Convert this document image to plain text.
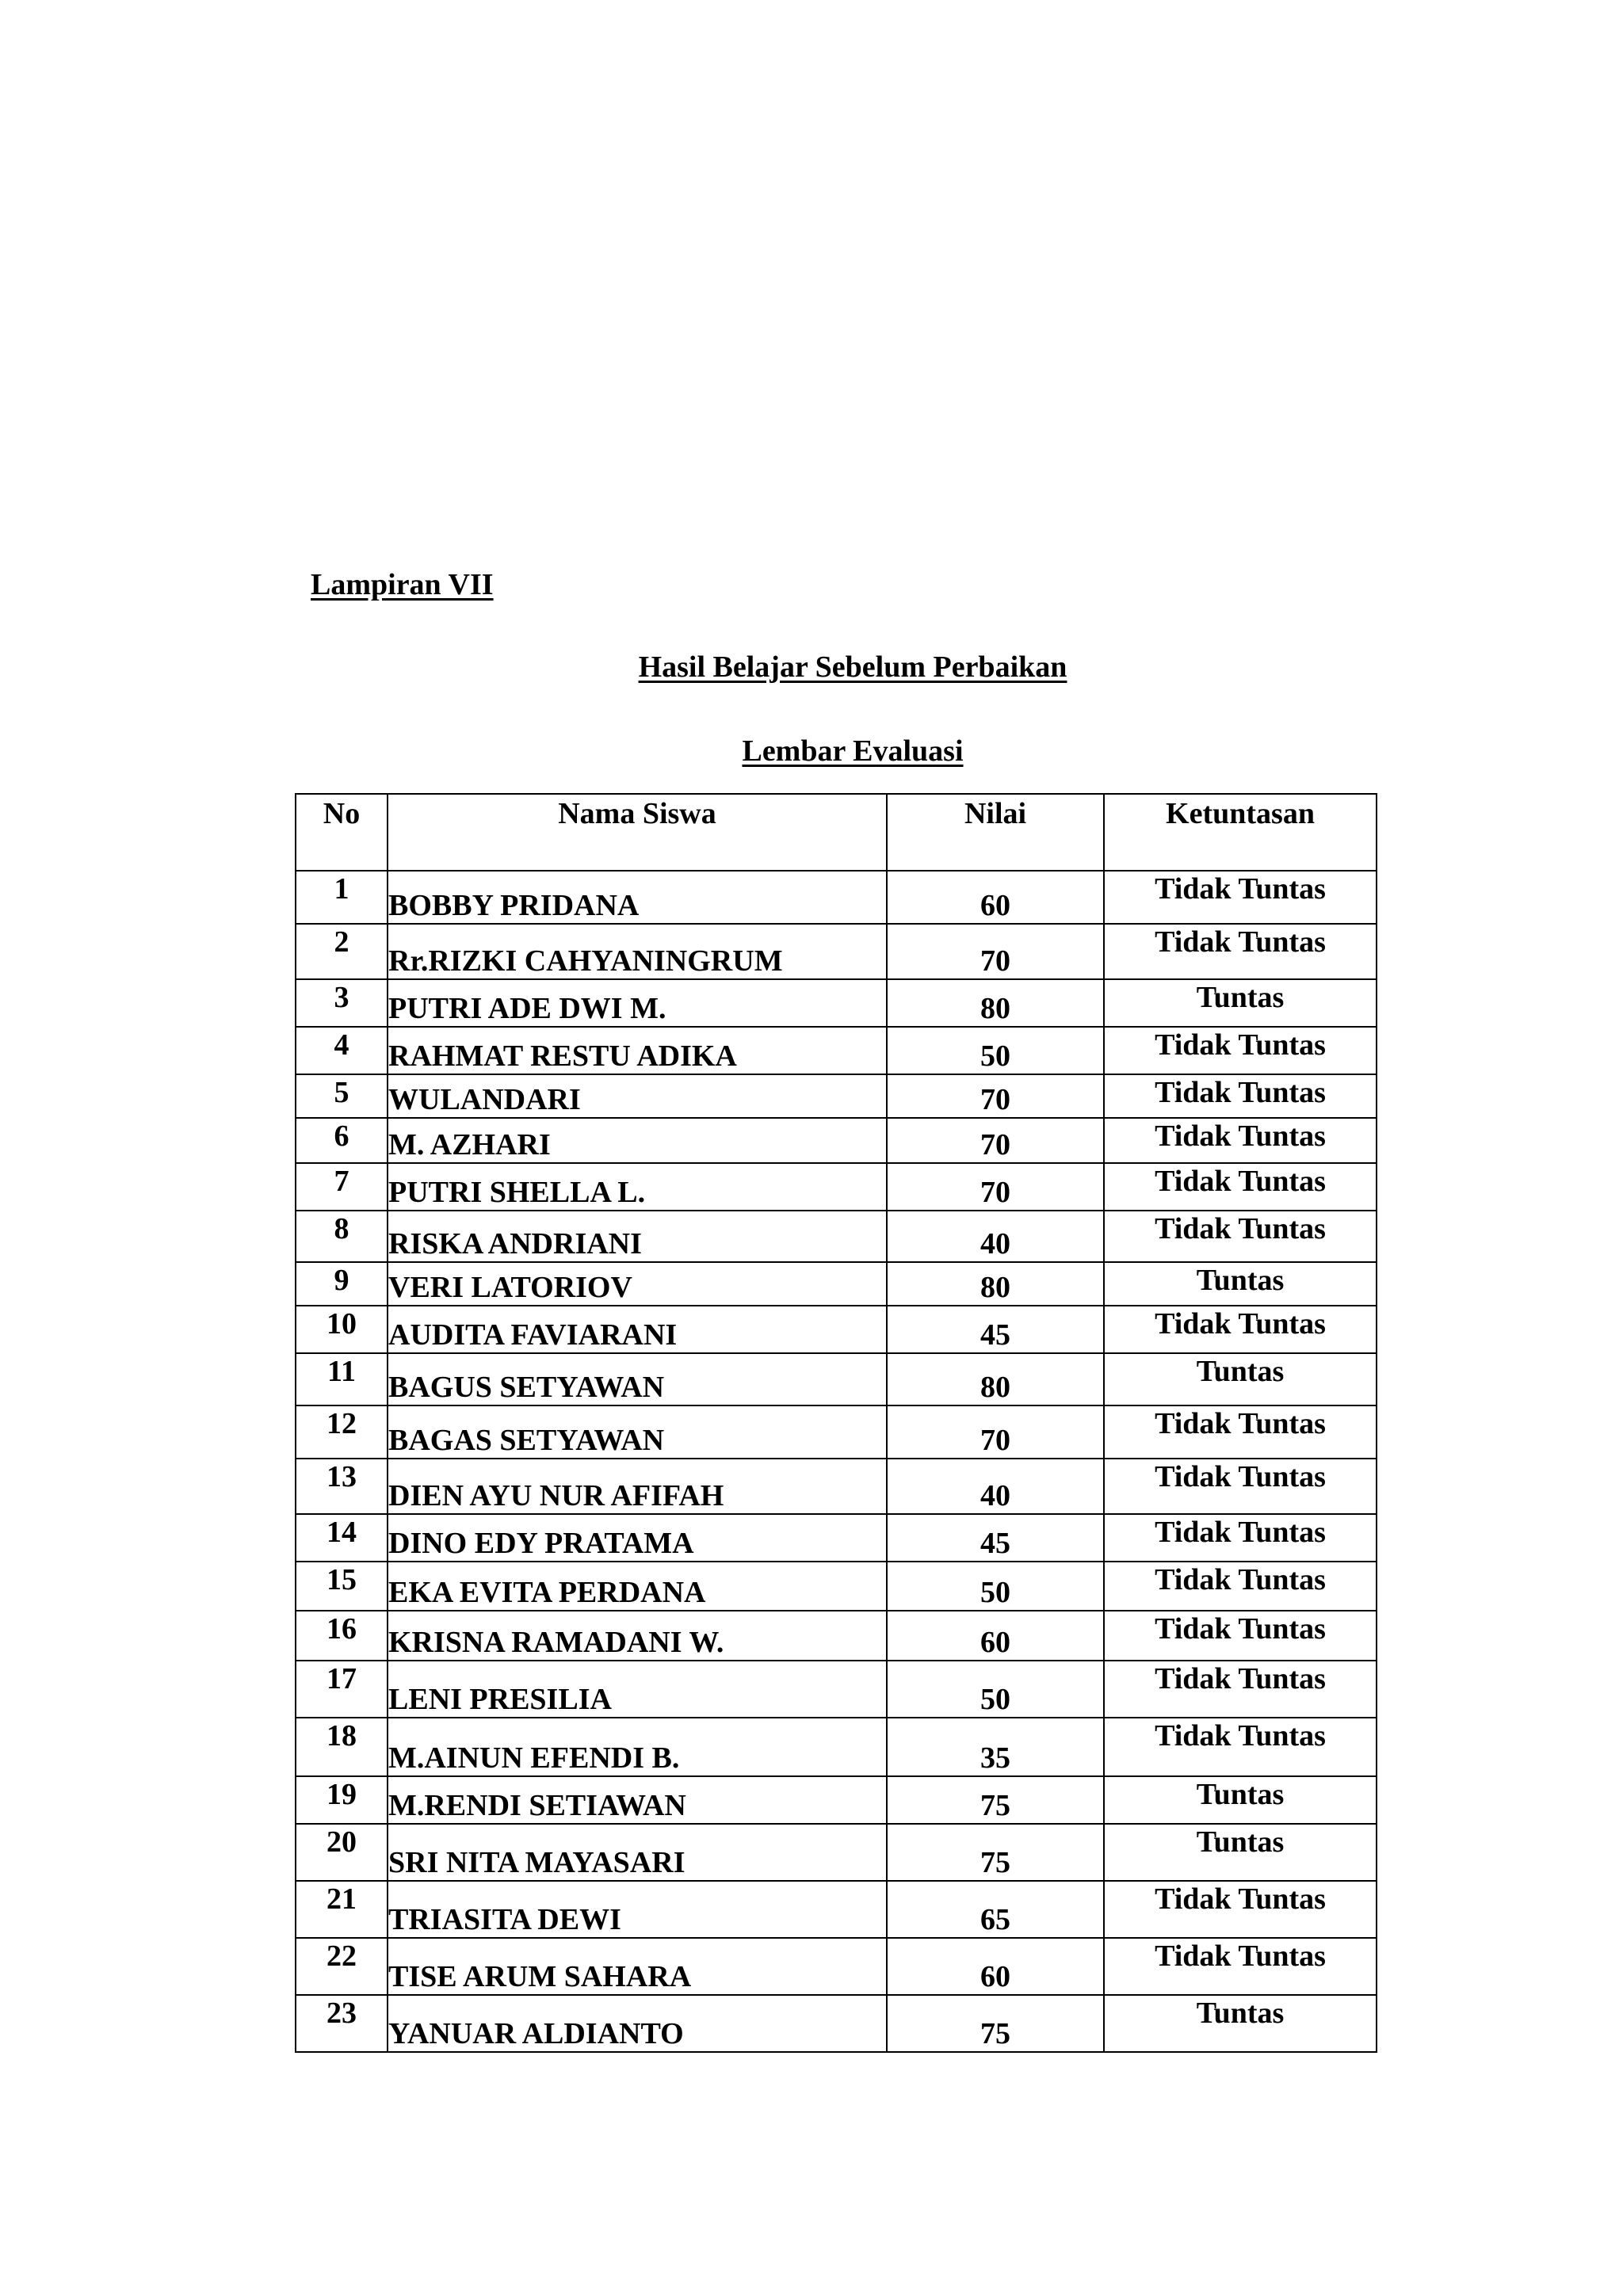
Lampiran VII
Hasil Belajar Sebelum Perbaikan
Lembar Evaluasi
No	Nama Siswa	Nilai	Ketuntasan
1	BOBBY PRIDANA	60	Tidak Tuntas
2	Rr.RIZKI CAHYANINGRUM	70	Tidak Tuntas
3	PUTRI ADE DWI M.	80	Tuntas
4	RAHMAT RESTU ADIKA	50	Tidak Tuntas
5	WULANDARI	70	Tidak Tuntas
6	M. AZHARI	70	Tidak Tuntas
7	PUTRI SHELLA L.	70	Tidak Tuntas
8	RISKA ANDRIANI	40	Tidak Tuntas
9	VERI LATORIOV	80	Tuntas
10	AUDITA FAVIARANI	45	Tidak Tuntas
11	BAGUS SETYAWAN	80	Tuntas
12	BAGAS SETYAWAN	70	Tidak Tuntas
13	DIEN AYU NUR AFIFAH	40	Tidak Tuntas
14	DINO EDY PRATAMA	45	Tidak Tuntas
15	EKA EVITA PERDANA	50	Tidak Tuntas
16	KRISNA RAMADANI W.	60	Tidak Tuntas
17	LENI PRESILIA	50	Tidak Tuntas
18	M.AINUN EFENDI B.	35	Tidak Tuntas
19	M.RENDI SETIAWAN	75	Tuntas
20	SRI NITA MAYASARI	75	Tuntas
21	TRIASITA DEWI	65	Tidak Tuntas
22	TISE ARUM SAHARA	60	Tidak Tuntas
23	YANUAR ALDIANTO	75	Tuntas
